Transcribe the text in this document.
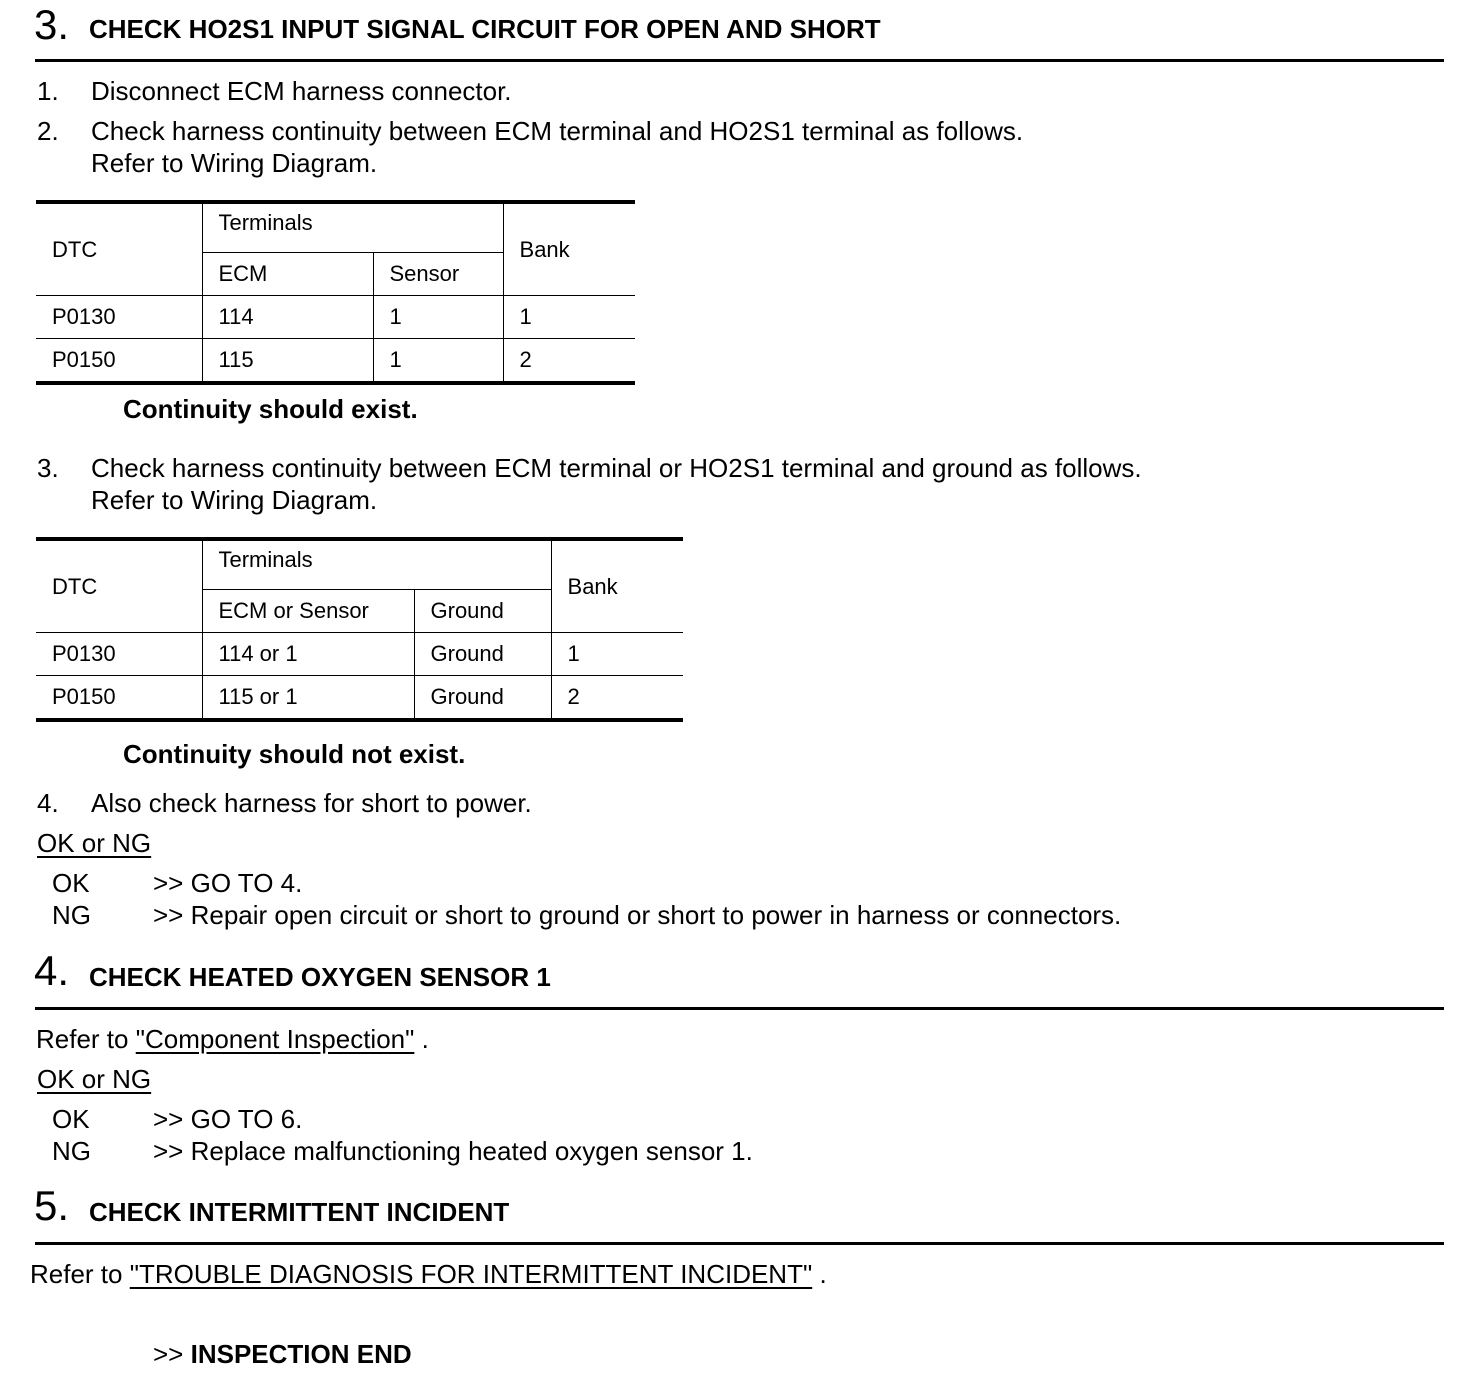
3. CHECK HO2S1 INPUT SIGNAL CIRCUIT FOR OPEN AND SHORT
1. Disconnect ECM harness connector.
2. Check harness continuity between ECM terminal and HO2S1 terminal as follows.
Refer to Wiring Diagram.
DTC	Terminals		Bank
	ECM	Sensor	
P0130	114	1	1
P0150	115	1	2
Continuity should exist.
3. Check harness continuity between ECM terminal or HO2S1 terminal and ground as follows.
Refer to Wiring Diagram.
DTC	Terminals		Bank
	ECM or Sensor	Ground	
P0130	114 or 1	Ground	1
P0150	115 or 1	Ground	2
Continuity should not exist.
4. Also check harness for short to power.
OK or NG
OK >> GO TO 4.
NG >> Repair open circuit or short to ground or short to power in harness or connectors.
4. CHECK HEATED OXYGEN SENSOR 1
Refer to "Component Inspection" .
OK or NG
OK >> GO TO 6.
NG >> Replace malfunctioning heated oxygen sensor 1.
5. CHECK INTERMITTENT INCIDENT
Refer to "TROUBLE DIAGNOSIS FOR INTERMITTENT INCIDENT" .
>> INSPECTION END
